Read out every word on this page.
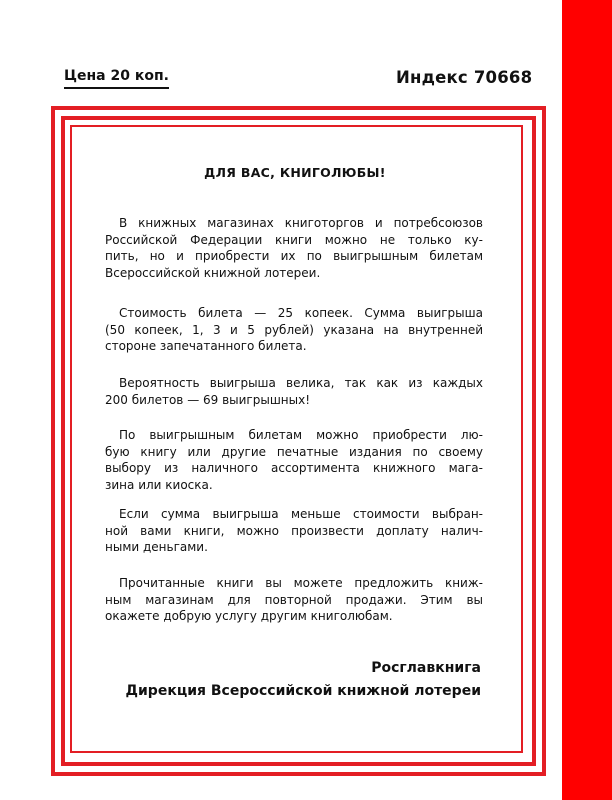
Цена 20 коп.	Индекс 70668
ДЛЯ ВАС, КНИГОЛЮБЫ!
В книжных магазинах книготоргов и потребсоюзов
Российской Федерации книги можно не только ку-
пить, но и приобрести их по выигрышным билетам
Всероссийской книжной лотереи.
Стоимость билета — 25 копеек. Сумма выигрыша
(50 копеек, 1, 3 и 5 рублей) указана на внутренней
стороне запечатанного билета.
Вероятность выигрыша велика, так как из каждых
200 билетов — 69 выигрышных!
По выигрышным билетам можно приобрести лю-
бую книгу или другие печатные издания по своему
выбору из наличного ассортимента книжного мага-
зина или киоска.
Если сумма выигрыша меньше стоимости выбран-
ной вами книги, можно произвести доплату налич-
ными деньгами.
Прочитанные книги вы можете предложить книж-
ным магазинам для повторной продажи. Этим вы
окажете добрую услугу другим книголюбам.
Росглавкнига
Дирекция Всероссийской книжной лотереи
